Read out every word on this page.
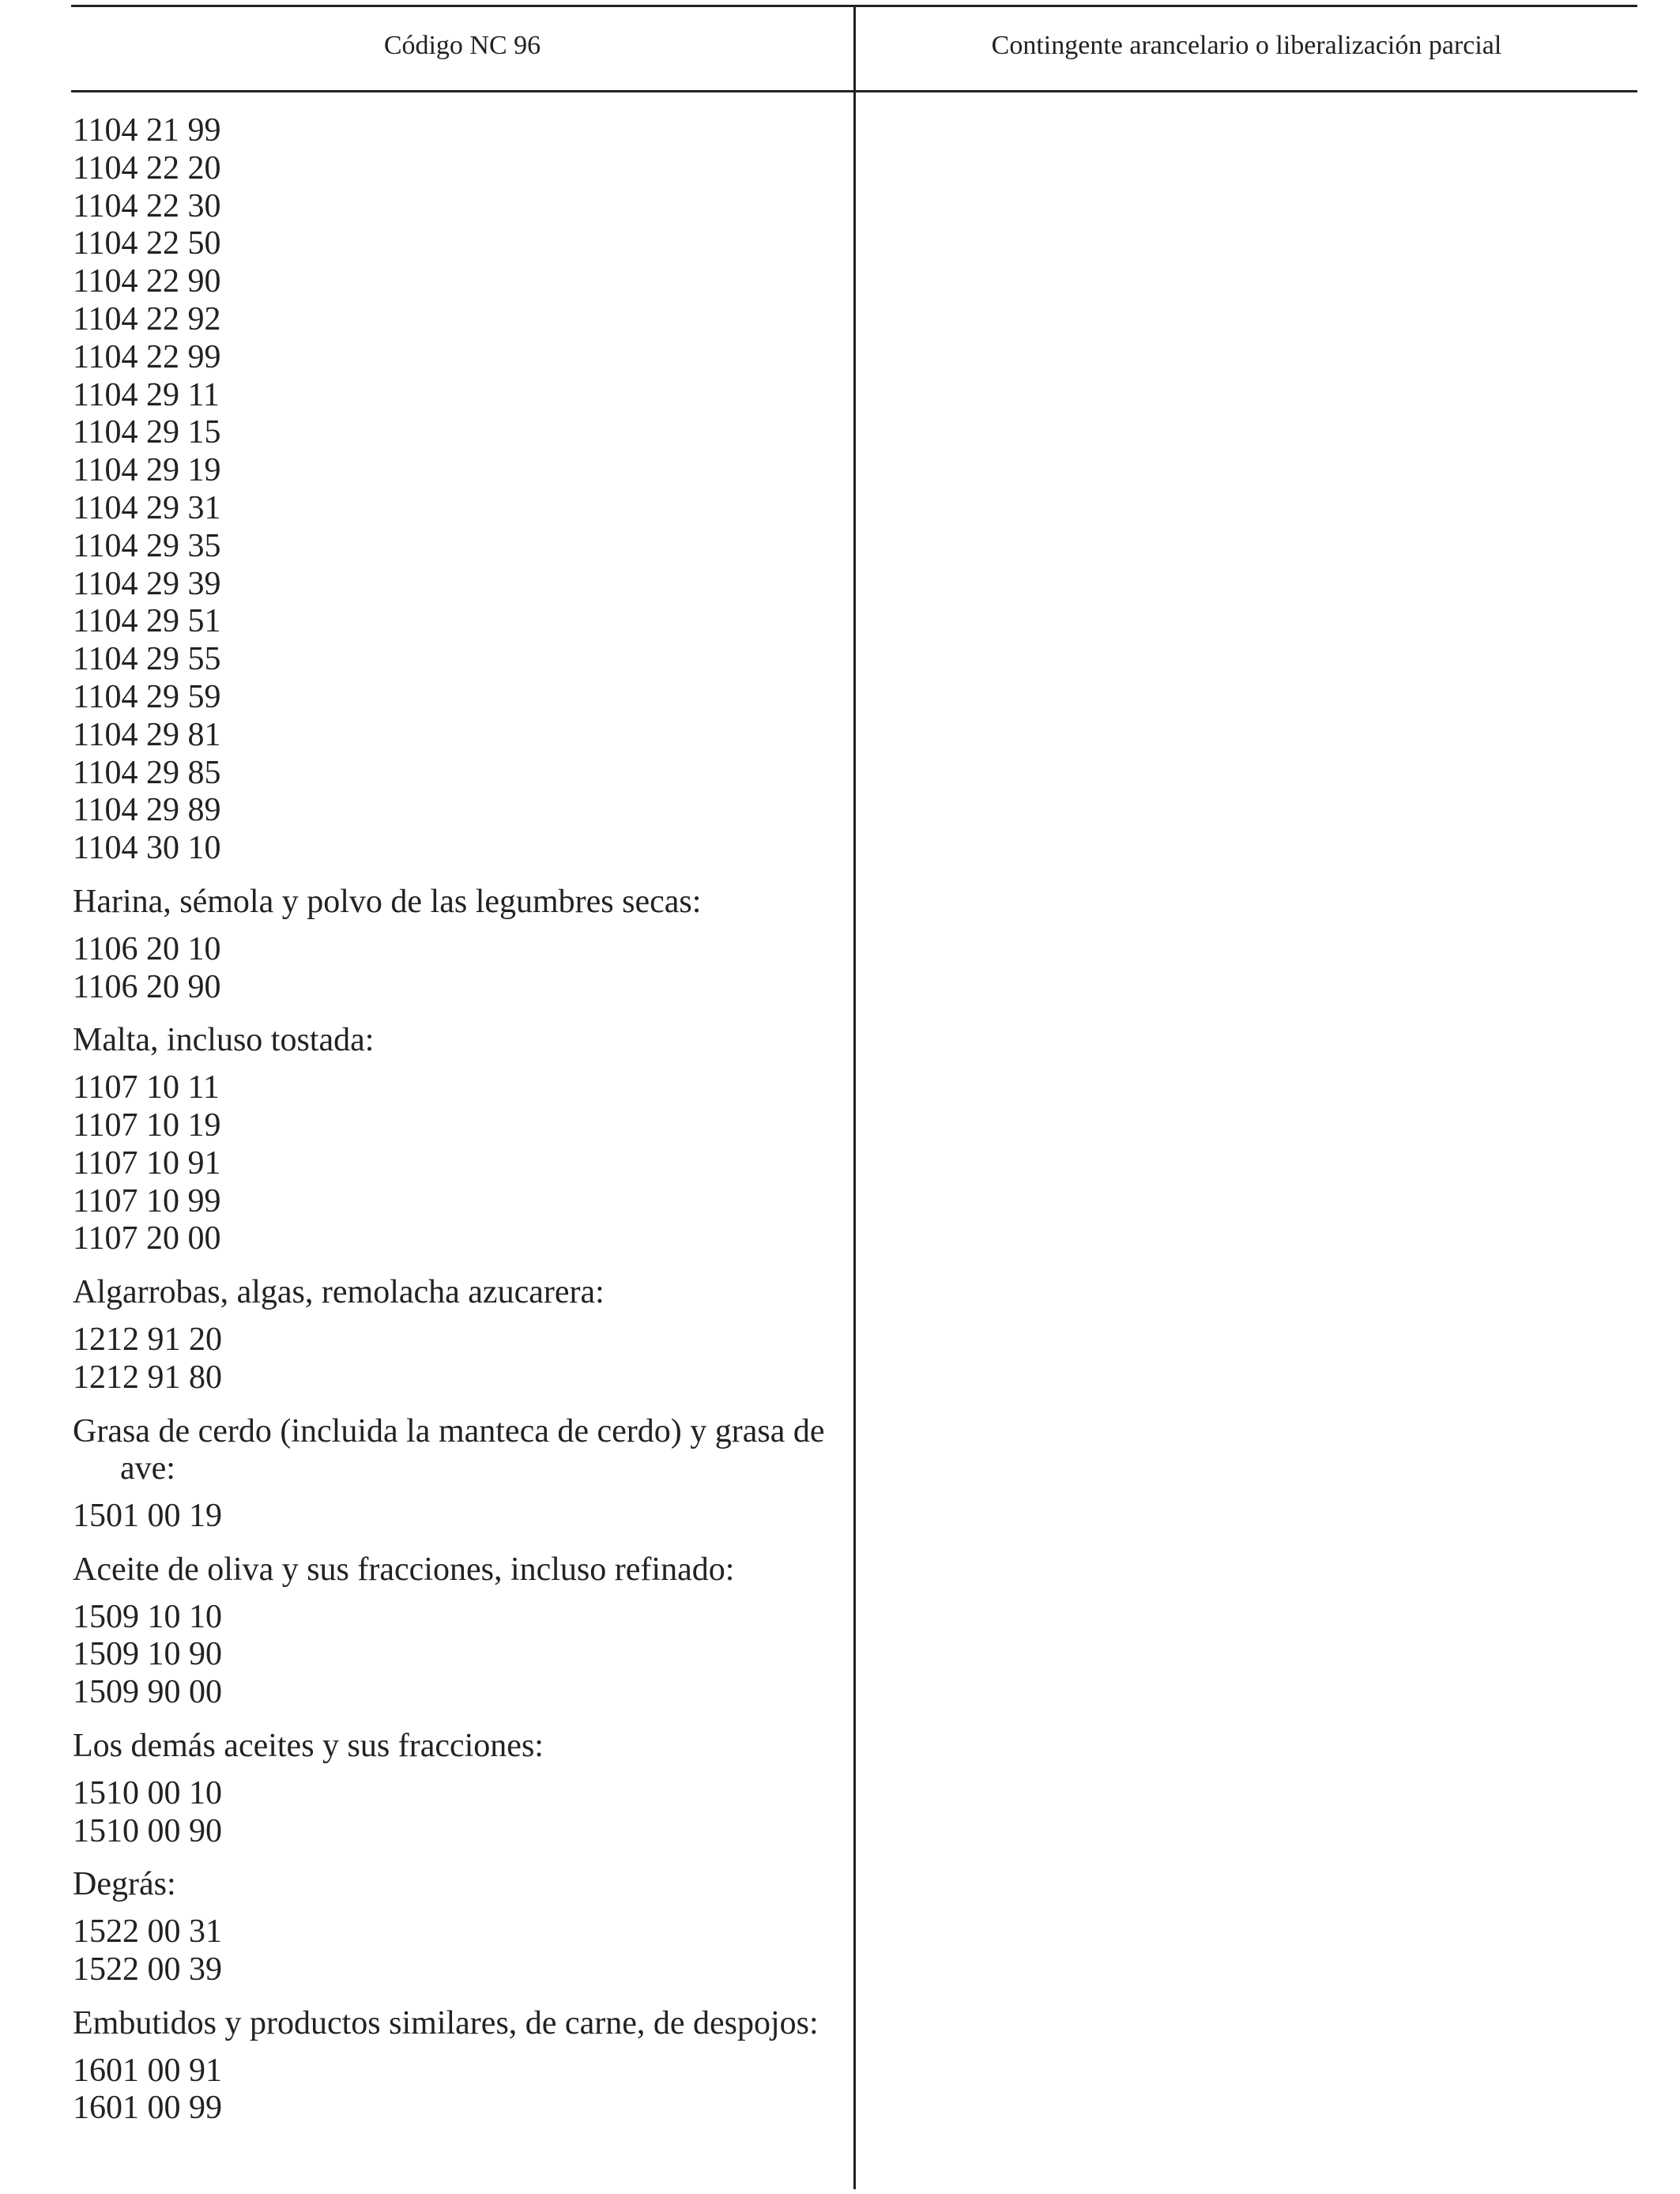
Código NC 96	Contingente arancelario o liberalización parcial
1104 21 99
1104 22 20
1104 22 30
1104 22 50
1104 22 90
1104 22 92
1104 22 99
1104 29 11
1104 29 15
1104 29 19
1104 29 31
1104 29 35
1104 29 39
1104 29 51
1104 29 55
1104 29 59
1104 29 81
1104 29 85
1104 29 89
1104 30 10
Harina, sémola y polvo de las legumbres secas:
1106 20 10
1106 20 90
Malta, incluso tostada:
1107 10 11
1107 10 19
1107 10 91
1107 10 99
1107 20 00
Algarrobas, algas, remolacha azucarera:
1212 91 20
1212 91 80
Grasa de cerdo (incluida la manteca de cerdo) y grasa de ave:
1501 00 19
Aceite de oliva y sus fracciones, incluso refinado:
1509 10 10
1509 10 90
1509 90 00
Los demás aceites y sus fracciones:
1510 00 10
1510 00 90
Degrás:
1522 00 31
1522 00 39
Embutidos y productos similares, de carne, de despojos:
1601 00 91
1601 00 99
